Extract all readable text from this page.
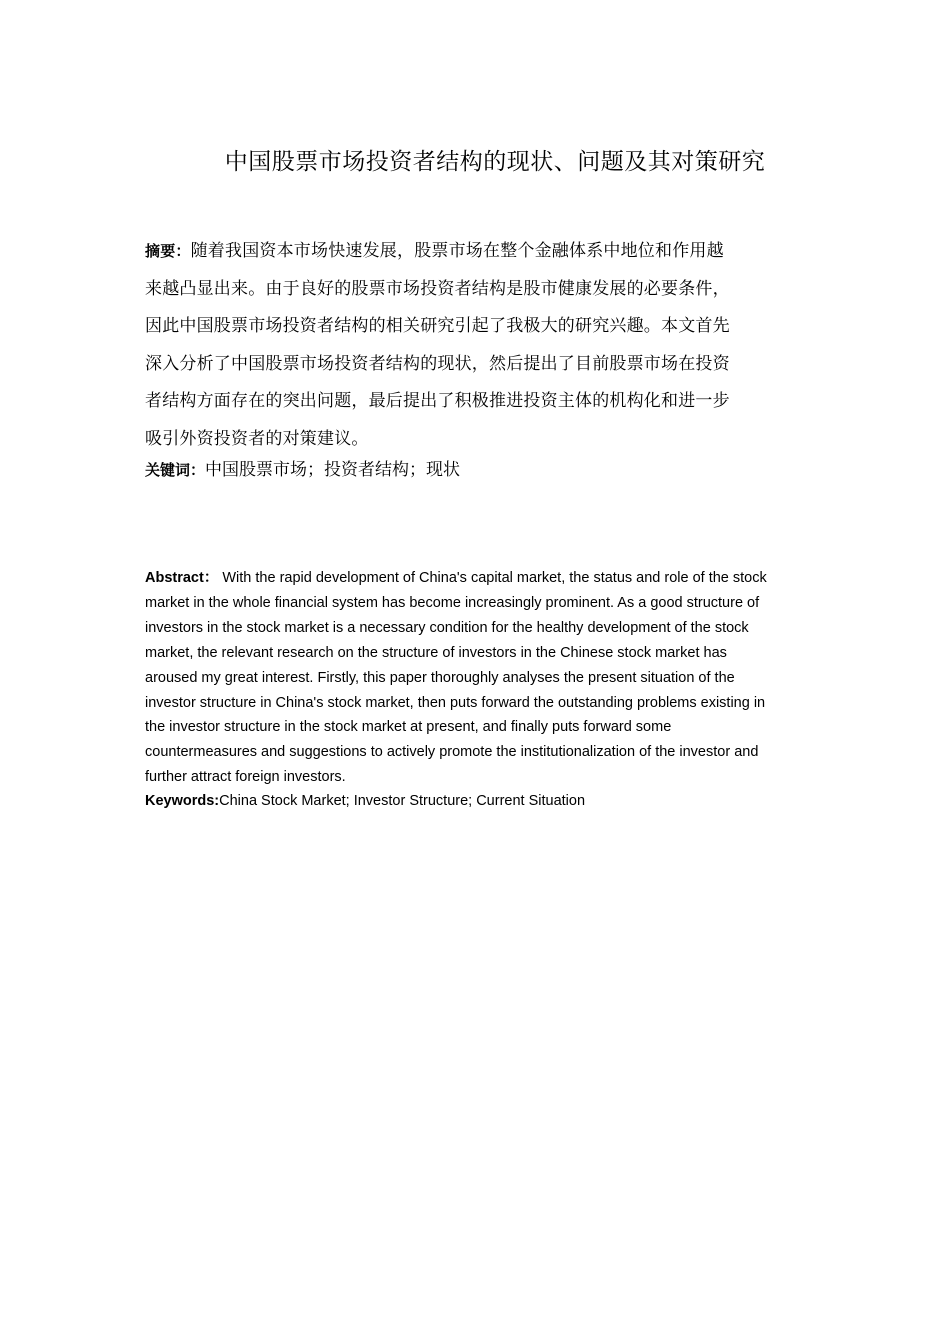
中国股票市场投资者结构的现状、问题及其对策研究
摘要：随着我国资本市场快速发展，股票市场在整个金融体系中地位和作用越
来越凸显出来。由于良好的股票市场投资者结构是股市健康发展的必要条件，
因此中国股票市场投资者结构的相关研究引起了我极大的研究兴趣。本文首先
深入分析了中国股票市场投资者结构的现状，然后提出了目前股票市场在投资
者结构方面存在的突出问题，最后提出了积极推进投资主体的机构化和进一步
吸引外资投资者的对策建议。
关键词：中国股票市场；投资者结构；现状
Abstract： With the rapid development of China's capital market, the status and role of the stock
market in the whole financial system has become increasingly prominent. As a good structure of
investors in the stock market is a necessary condition for the healthy development of the stock
market, the relevant research on the structure of investors in the Chinese stock market has
aroused my great interest. Firstly, this paper thoroughly analyses the present situation of the
investor structure in China's stock market, then puts forward the outstanding problems existing in
the investor structure in the stock market at present, and finally puts forward some
countermeasures and suggestions to actively promote the institutionalization of the investor and
further attract foreign investors.
Keywords:China Stock Market; Investor Structure; Current Situation
